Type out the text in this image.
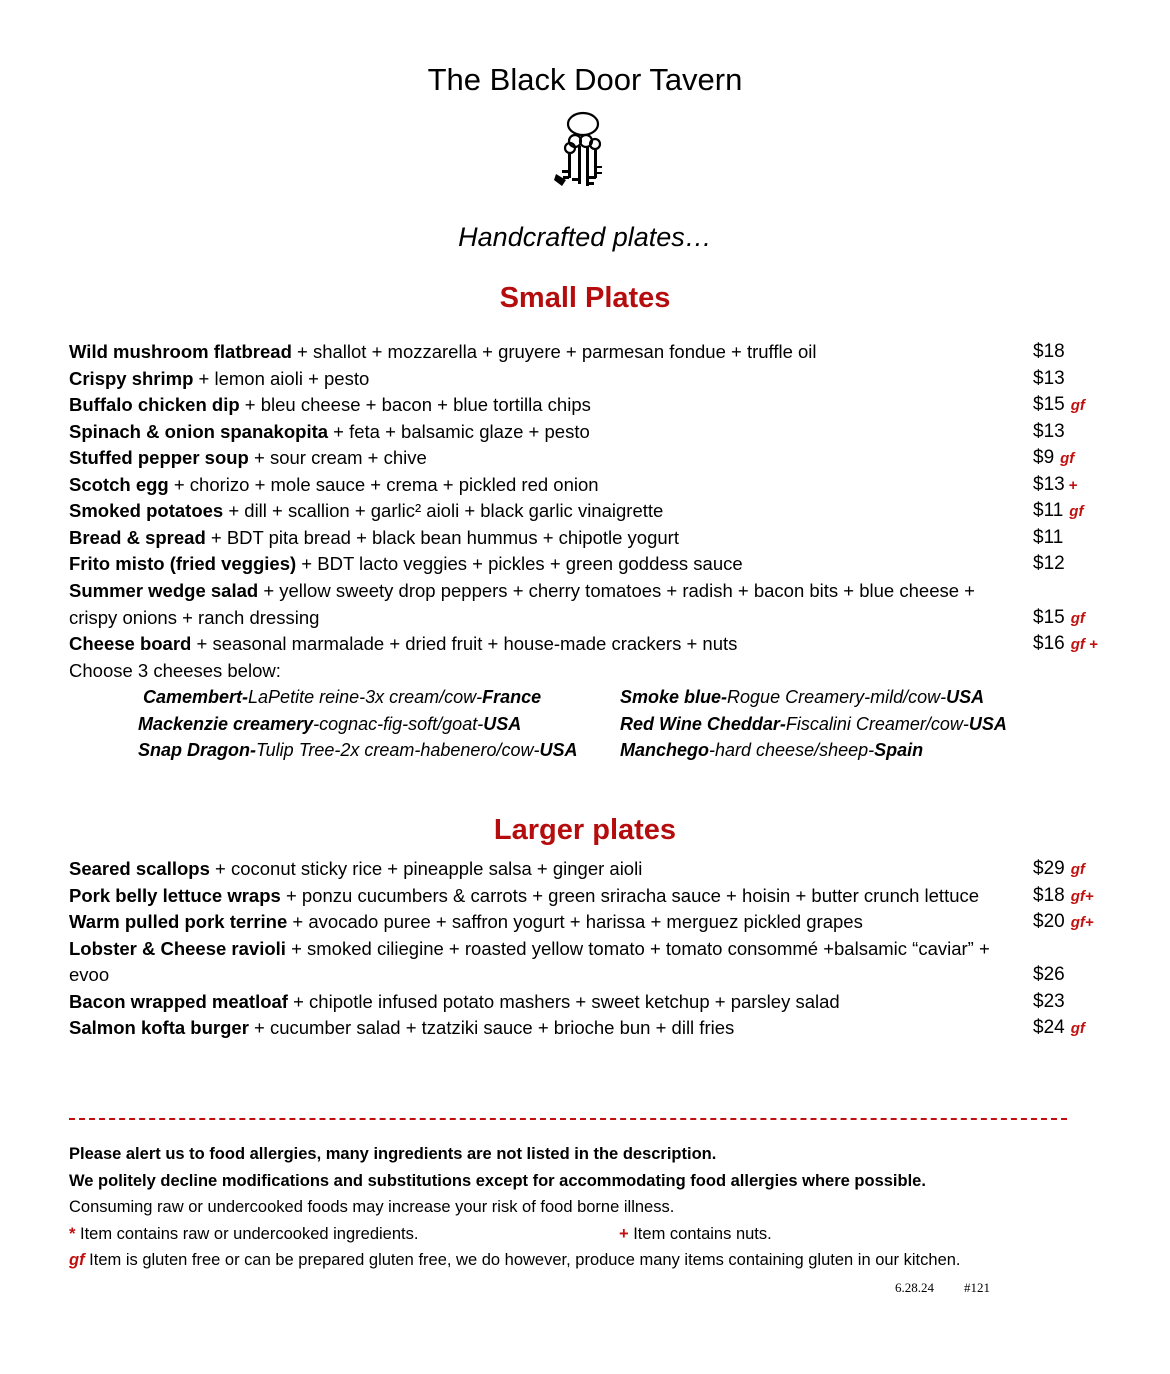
The Black Door Tavern
Handcrafted plates…
Small Plates
Wild mushroom flatbread + shallot + mozzarella + gruyere + parmesan fondue + truffle oil	$18
Crispy shrimp + lemon aioli + pesto	$13
Buffalo chicken dip + bleu cheese + bacon + blue tortilla chips	$15 gf
Spinach & onion spanakopita + feta + balsamic glaze + pesto	$13
Stuffed pepper soup + sour cream + chive	$9 gf
Scotch egg + chorizo + mole sauce + crema + pickled red onion	$13 +
Smoked potatoes + dill + scallion + garlic² aioli + black garlic vinaigrette	$11 gf
Bread & spread + BDT pita bread + black bean hummus + chipotle yogurt	$11
Frito misto (fried veggies) + BDT lacto veggies + pickles + green goddess sauce	$12
Summer wedge salad + yellow sweety drop peppers + cherry tomatoes + radish + bacon bits + blue cheese +
crispy onions + ranch dressing	$15 gf
Cheese board + seasonal marmalade + dried fruit + house-made crackers + nuts	$16 gf +
Choose 3 cheeses below:
Camembert-LaPetite reine-3x cream/cow-France
Mackenzie creamery-cognac-fig-soft/goat-USA
Snap Dragon-Tulip Tree-2x cream-habenero/cow-USA
Smoke blue-Rogue Creamery-mild/cow-USA
Red Wine Cheddar-Fiscalini Creamer/cow-USA
Manchego-hard cheese/sheep-Spain
Larger plates
Seared scallops + coconut sticky rice + pineapple salsa + ginger aioli	$29 gf
Pork belly lettuce wraps + ponzu cucumbers & carrots + green sriracha sauce + hoisin + butter crunch lettuce	$18 gf+
Warm pulled pork terrine + avocado puree + saffron yogurt + harissa + merguez pickled grapes	$20 gf+
Lobster & Cheese ravioli + smoked ciliegine + roasted yellow tomato + tomato consommé +balsamic “caviar” +
evoo	$26
Bacon wrapped meatloaf + chipotle infused potato mashers + sweet ketchup + parsley salad	$23
Salmon kofta burger + cucumber salad + tzatziki sauce + brioche bun + dill fries	$24 gf
Please alert us to food allergies, many ingredients are not listed in the description.
We politely decline modifications and substitutions except for accommodating food allergies where possible.
Consuming raw or undercooked foods may increase your risk of food borne illness.
* Item contains raw or undercooked ingredients.	+ Item contains nuts.
gf Item is gluten free or can be prepared gluten free, we do however, produce many items containing gluten in our kitchen.
6.28.24 #121
